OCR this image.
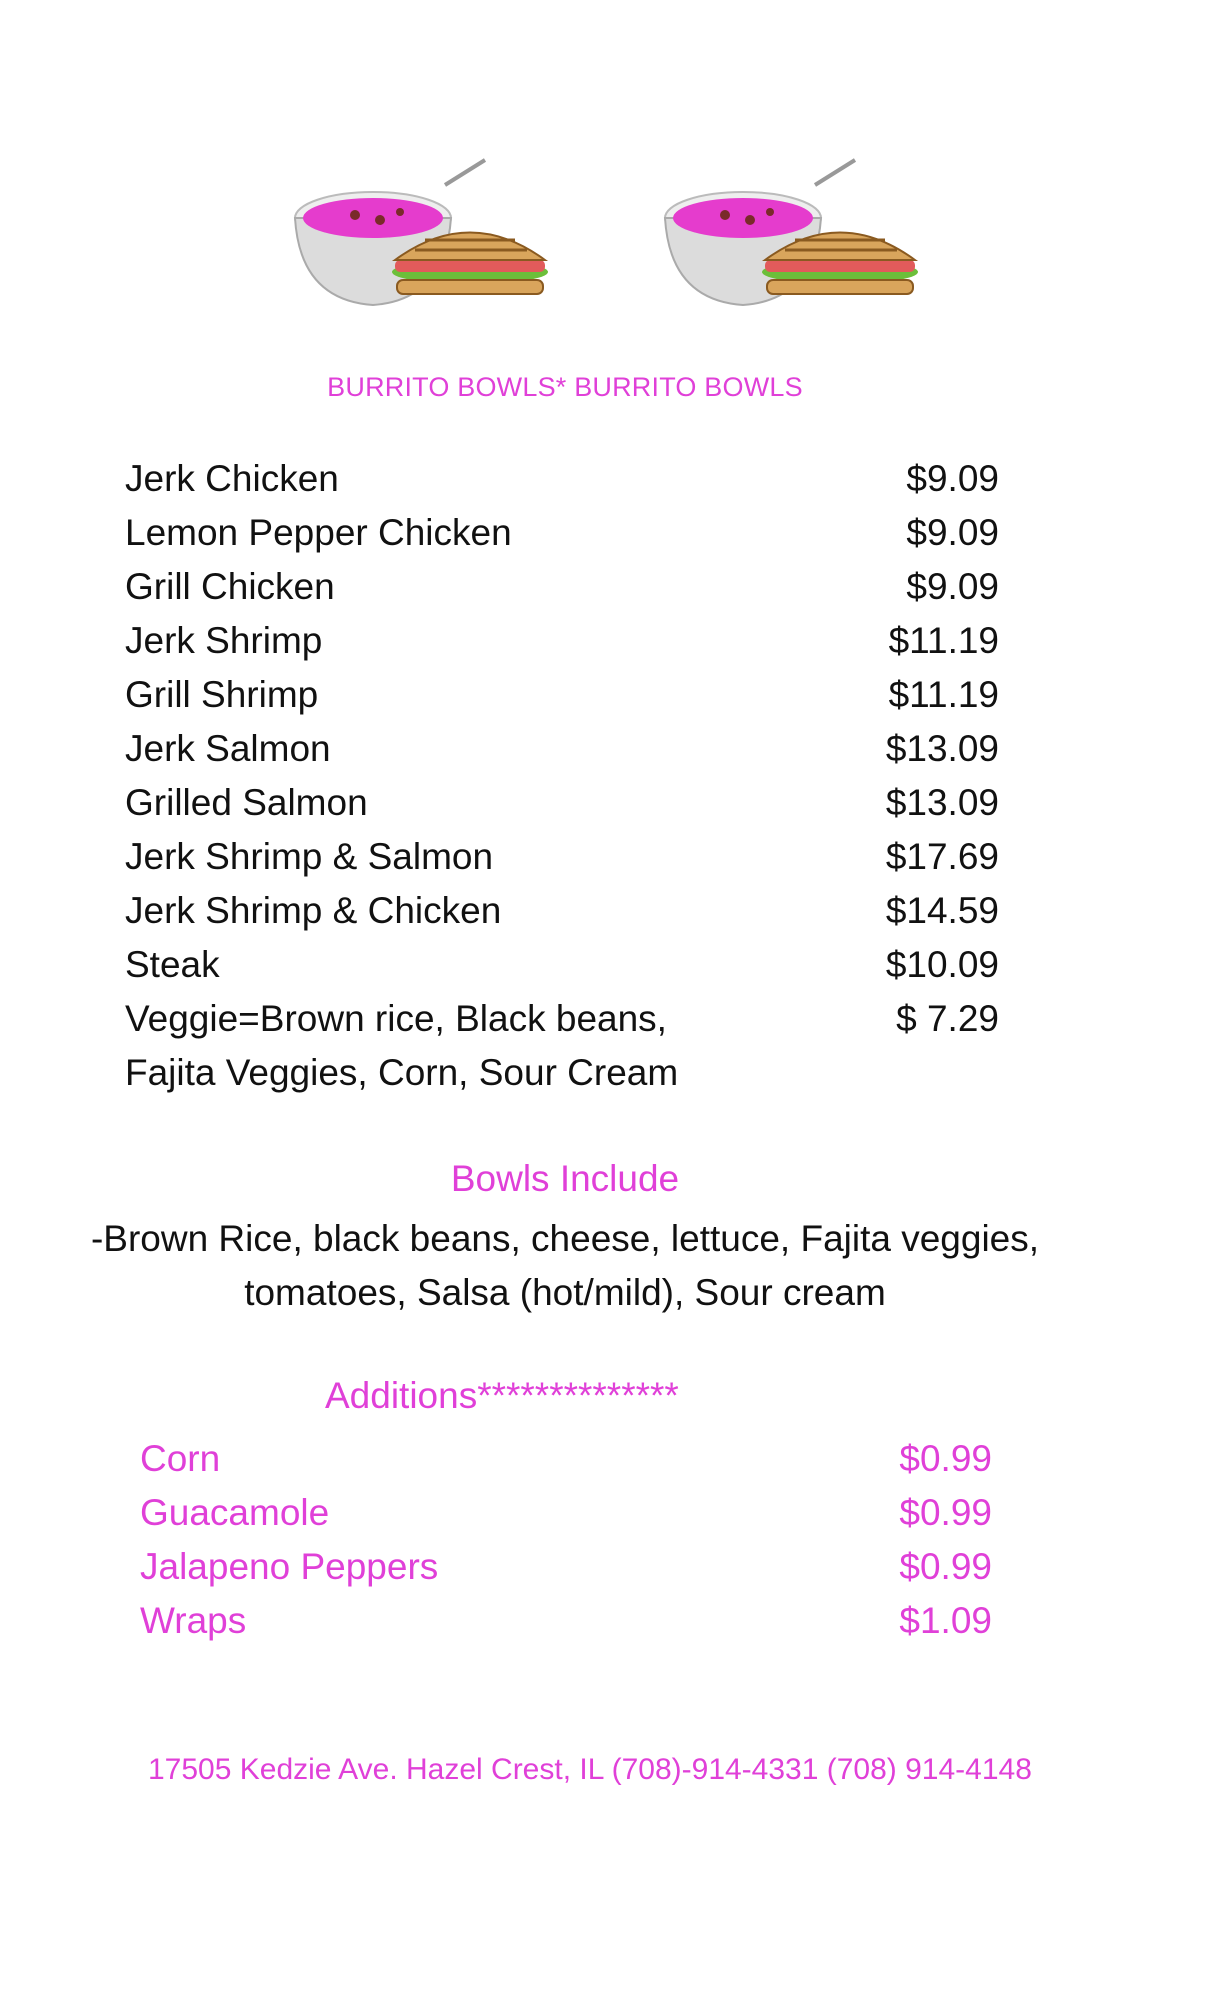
BURRITO BOWLS* BURRITO BOWLS
Jerk Chicken	$9.09
Lemon Pepper Chicken	$9.09
Grill Chicken	$9.09
Jerk Shrimp	$11.19
Grill Shrimp	$11.19
Jerk Salmon	$13.09
Grilled Salmon	$13.09
Jerk Shrimp & Salmon	$17.69
Jerk Shrimp & Chicken	$14.59
Steak	$10.09
Veggie=Brown rice, Black beans,	$ 7.29
Fajita Veggies, Corn, Sour Cream
Bowls Include
-Brown Rice, black beans, cheese, lettuce, Fajita veggies,
tomatoes, Salsa (hot/mild), Sour cream
Additions**************
Corn	$0.99
Guacamole	$0.99
Jalapeno Peppers	$0.99
Wraps	$1.09
17505 Kedzie Ave. Hazel Crest, IL (708)-914-4331 (708) 914-4148
